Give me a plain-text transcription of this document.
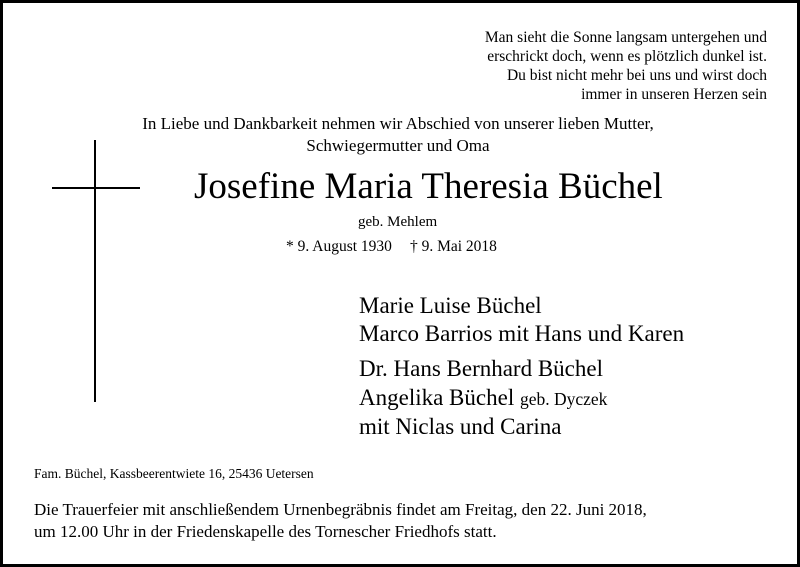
Man sieht die Sonne langsam untergehen und
erschrickt doch, wenn es plötzlich dunkel ist.
Du bist nicht mehr bei uns und wirst doch
immer in unseren Herzen sein
In Liebe und Dankbarkeit nehmen wir Abschied von unserer lieben Mutter,
Schwiegermutter und Oma
Josefine Maria Theresia Büchel
geb. Mehlem
* 9. August 1930 † 9. Mai 2018
Marie Luise Büchel
Marco Barrios mit Hans und Karen
Dr. Hans Bernhard Büchel
Angelika Büchel geb. Dyczek
mit Niclas und Carina
Fam. Büchel, Kassbeerentwiete 16, 25436 Uetersen
Die Trauerfeier mit anschließendem Urnenbegräbnis findet am Freitag, den 22. Juni 2018,
um 12.00 Uhr in der Friedenskapelle des Tornescher Friedhofs statt.
